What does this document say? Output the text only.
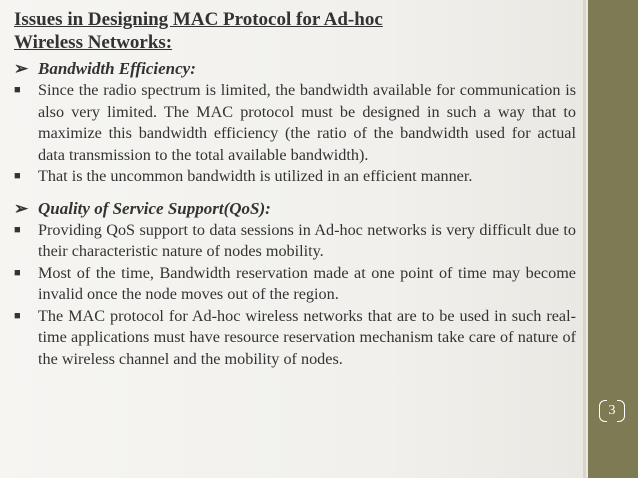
3
Issues in Designing MAC Protocol for Ad-hoc
Wireless Networks:
➢ Bandwidth Efficiency:
■	Since the radio spectrum is limited, the bandwidth available for communication is also very limited. The MAC protocol must be designed in such a way that to maximize this bandwidth efficiency (the ratio of the bandwidth used for actual data transmission to the total available bandwidth).
■	That is the uncommon bandwidth is utilized in an efficient manner.
➢ Quality of Service Support(QoS):
■	Providing QoS support to data sessions in Ad-hoc networks is very difficult due to their characteristic nature of nodes mobility.
■	Most of the time, Bandwidth reservation made at one point of time may become invalid once the node moves out of the region.
■	The MAC protocol for Ad-hoc wireless networks that are to be used in such real-time applications must have resource reservation mechanism take care of nature of the wireless channel and the mobility of nodes.
